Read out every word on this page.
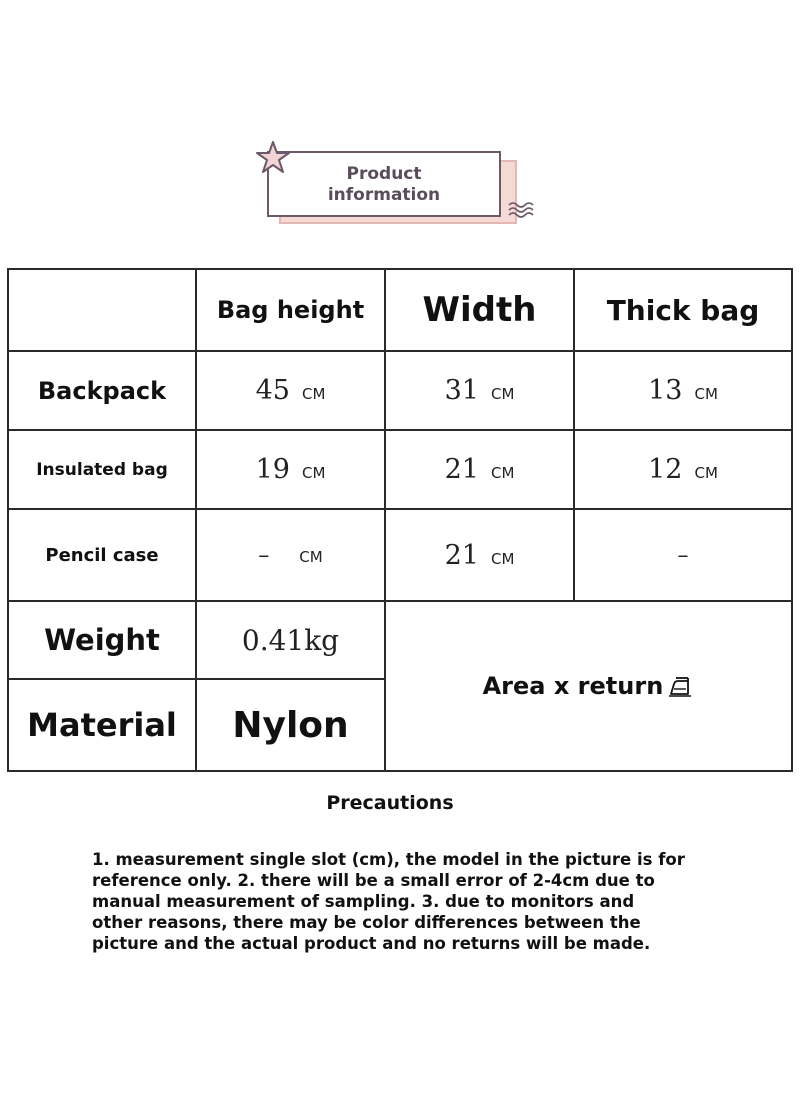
Product
information
	Bag height	Width	Thick bag
Backpack	45 CM	31 CM	13 CM
Insulated bag	19 CM	21 CM	12 CM
Pencil case	– CM	21 CM	–
Weight	0.41kg	Area x return	
Material	Nylon		
Precautions
1. measurement single slot (cm), the model in the picture is for
reference only. 2. there will be a small error of 2-4cm due to
manual measurement of sampling. 3. due to monitors and
other reasons, there may be color differences between the
picture and the actual product and no returns will be made.
